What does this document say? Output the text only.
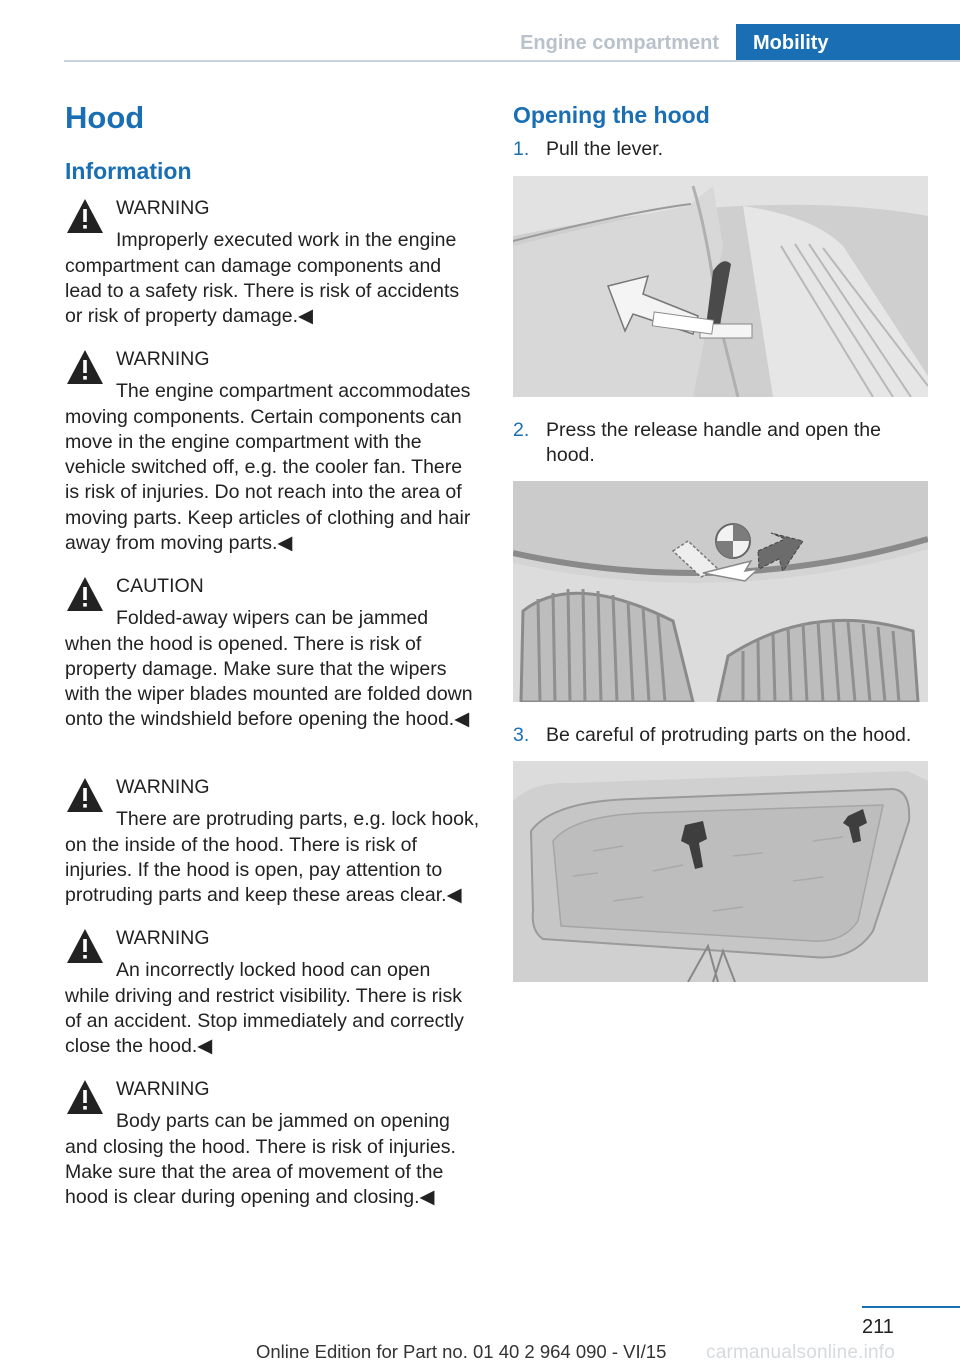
Engine compartment	Mobility
Hood
Information
WARNING
Improperly executed work in the engine compartment can damage components and lead to a safety risk. There is risk of accidents or risk of property damage.◀
WARNING
The engine compartment accommodates moving components. Certain components can move in the engine compartment with the vehicle switched off, e.g. the cooler fan. There is risk of injuries. Do not reach into the area of moving parts. Keep articles of clothing and hair away from moving parts.◀
CAUTION
Folded-away wipers can be jammed when the hood is opened. There is risk of property damage. Make sure that the wipers with the wiper blades mounted are folded down onto the windshield before opening the hood.◀
WARNING
There are protruding parts, e.g. lock hook, on the inside of the hood. There is risk of injuries. If the hood is open, pay attention to protruding parts and keep these areas clear.◀
WARNING
An incorrectly locked hood can open while driving and restrict visibility. There is risk of an accident. Stop immediately and correctly close the hood.◀
WARNING
Body parts can be jammed on opening and closing the hood. There is risk of injuries. Make sure that the area of movement of the hood is clear during opening and closing.◀
Opening the hood
1. Pull the lever.
2. Press the release handle and open the hood.
3. Be careful of protruding parts on the hood.
211
Online Edition for Part no. 01 40 2 964 090 - VI/15 carmanualsonline.info
